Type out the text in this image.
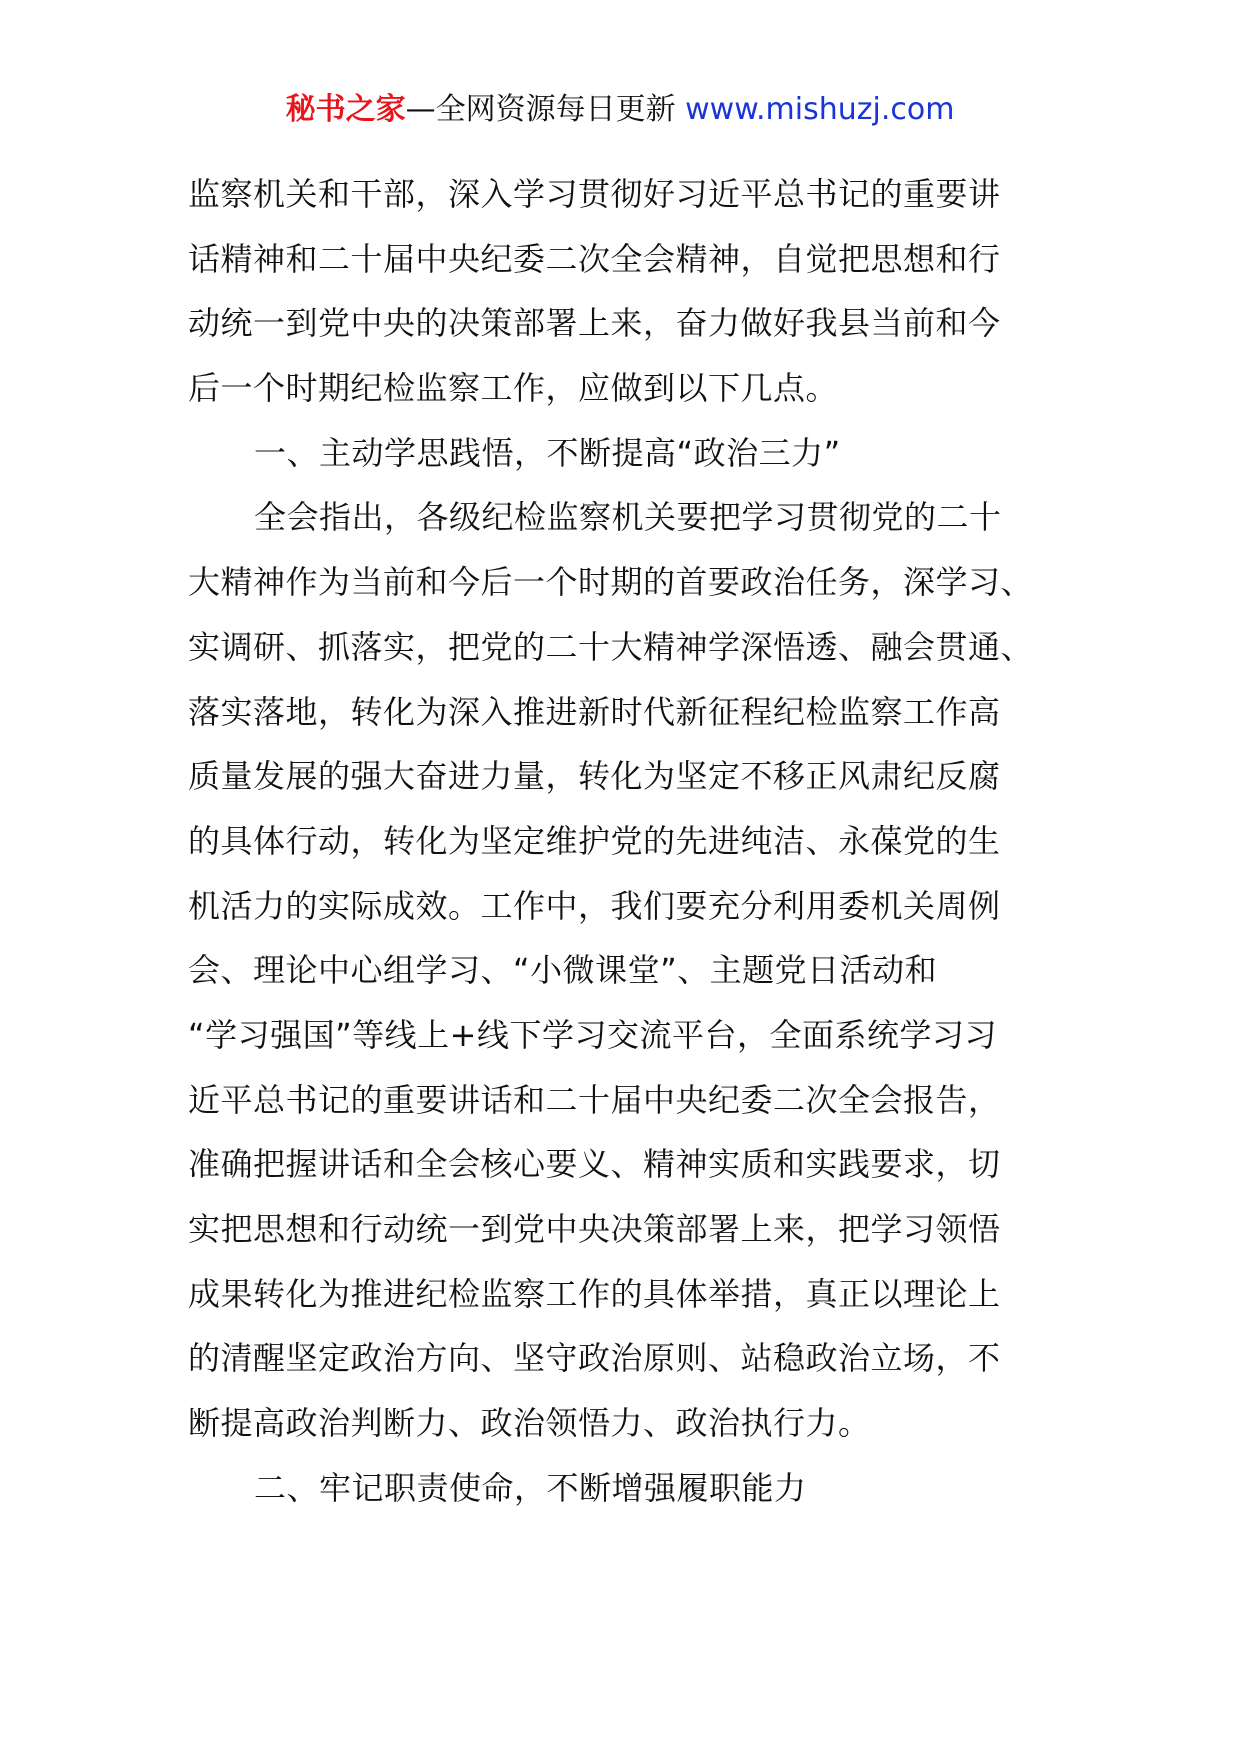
秘书之家—全网资源每日更新 www.mishuzj.com
监察机关和干部，深入学习贯彻好习近平总书记的重要讲
话精神和二十届中央纪委二次全会精神，自觉把思想和行
动统一到党中央的决策部署上来，奋力做好我县当前和今
后一个时期纪检监察工作，应做到以下几点。
一、主动学思践悟，不断提高“政治三力”
全会指出，各级纪检监察机关要把学习贯彻党的二十
大精神作为当前和今后一个时期的首要政治任务，深学习、
实调研、抓落实，把党的二十大精神学深悟透、融会贯通、
落实落地，转化为深入推进新时代新征程纪检监察工作高
质量发展的强大奋进力量，转化为坚定不移正风肃纪反腐
的具体行动，转化为坚定维护党的先进纯洁、永葆党的生
机活力的实际成效。工作中，我们要充分利用委机关周例
会、理论中心组学习、“小微课堂”、主题党日活动和
“学习强国”等线上+线下学习交流平台，全面系统学习习
近平总书记的重要讲话和二十届中央纪委二次全会报告，
准确把握讲话和全会核心要义、精神实质和实践要求，切
实把思想和行动统一到党中央决策部署上来，把学习领悟
成果转化为推进纪检监察工作的具体举措，真正以理论上
的清醒坚定政治方向、坚守政治原则、站稳政治立场，不
断提高政治判断力、政治领悟力、政治执行力。
二、牢记职责使命，不断增强履职能力
